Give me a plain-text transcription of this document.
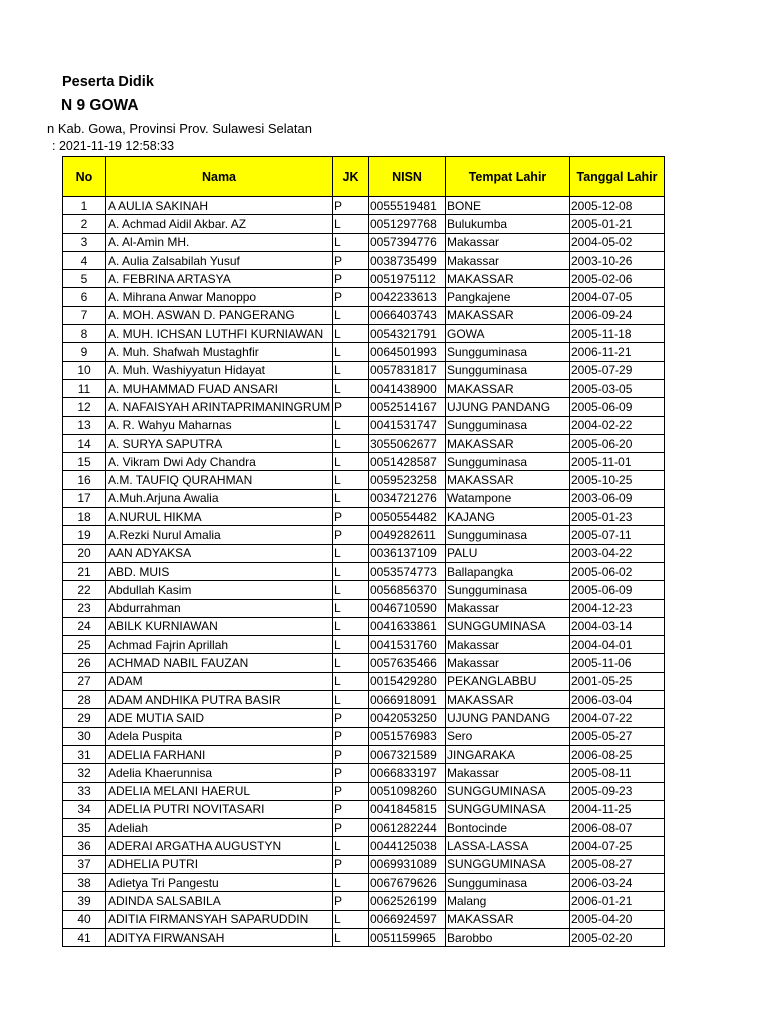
Peserta Didik
N 9 GOWA
n Kab. Gowa, Provinsi Prov. Sulawesi Selatan
: 2021-11-19 12:58:33
No	Nama	JK	NISN	Tempat Lahir	Tanggal Lahir
1	A AULIA SAKINAH	P	0055519481	BONE	2005-12-08
2	A. Achmad Aidil Akbar. AZ	L	0051297768	Bulukumba	2005-01-21
3	A. Al-Amin MH.	L	0057394776	Makassar	2004-05-02
4	A. Aulia Zalsabilah Yusuf	P	0038735499	Makassar	2003-10-26
5	A. FEBRINA ARTASYA	P	0051975112	MAKASSAR	2005-02-06
6	A. Mihrana Anwar Manoppo	P	0042233613	Pangkajene	2004-07-05
7	A. MOH. ASWAN D. PANGERANG	L	0066403743	MAKASSAR	2006-09-24
8	A. MUH. ICHSAN LUTHFI KURNIAWAN	L	0054321791	GOWA	2005-11-18
9	A. Muh. Shafwah Mustaghfir	L	0064501993	Sungguminasa	2006-11-21
10	A. Muh. Washiyyatun Hidayat	L	0057831817	Sungguminasa	2005-07-29
11	A. MUHAMMAD FUAD ANSARI	L	0041438900	MAKASSAR	2005-03-05
12	A. NAFAISYAH ARINTAPRIMANINGRUM	P	0052514167	UJUNG PANDANG	2005-06-09
13	A. R. Wahyu Maharnas	L	0041531747	Sungguminasa	2004-02-22
14	A. SURYA SAPUTRA	L	3055062677	MAKASSAR	2005-06-20
15	A. Vikram Dwi Ady Chandra	L	0051428587	Sungguminasa	2005-11-01
16	A.M. TAUFIQ QURAHMAN	L	0059523258	MAKASSAR	2005-10-25
17	A.Muh.Arjuna Awalia	L	0034721276	Watampone	2003-06-09
18	A.NURUL HIKMA	P	0050554482	KAJANG	2005-01-23
19	A.Rezki Nurul Amalia	P	0049282611	Sungguminasa	2005-07-11
20	AAN ADYAKSA	L	0036137109	PALU	2003-04-22
21	ABD. MUIS	L	0053574773	Ballapangka	2005-06-02
22	Abdullah Kasim	L	0056856370	Sungguminasa	2005-06-09
23	Abdurrahman	L	0046710590	Makassar	2004-12-23
24	ABILK KURNIAWAN	L	0041633861	SUNGGUMINASA	2004-03-14
25	Achmad Fajrin Aprillah	L	0041531760	Makassar	2004-04-01
26	ACHMAD NABIL FAUZAN	L	0057635466	Makassar	2005-11-06
27	ADAM	L	0015429280	PEKANGLABBU	2001-05-25
28	ADAM ANDHIKA PUTRA BASIR	L	0066918091	MAKASSAR	2006-03-04
29	ADE MUTIA SAID	P	0042053250	UJUNG PANDANG	2004-07-22
30	Adela Puspita	P	0051576983	Sero	2005-05-27
31	ADELIA FARHANI	P	0067321589	JINGARAKA	2006-08-25
32	Adelia Khaerunnisa	P	0066833197	Makassar	2005-08-11
33	ADELIA MELANI HAERUL	P	0051098260	SUNGGUMINASA	2005-09-23
34	ADELIA PUTRI NOVITASARI	P	0041845815	SUNGGUMINASA	2004-11-25
35	Adeliah	P	0061282244	Bontocinde	2006-08-07
36	ADERAI ARGATHA AUGUSTYN	L	0044125038	LASSA-LASSA	2004-07-25
37	ADHELIA PUTRI	P	0069931089	SUNGGUMINASA	2005-08-27
38	Adietya Tri Pangestu	L	0067679626	Sungguminasa	2006-03-24
39	ADINDA SALSABILA	P	0062526199	Malang	2006-01-21
40	ADITIA FIRMANSYAH SAPARUDDIN	L	0066924597	MAKASSAR	2005-04-20
41	ADITYA FIRWANSAH	L	0051159965	Barobbo	2005-02-20
